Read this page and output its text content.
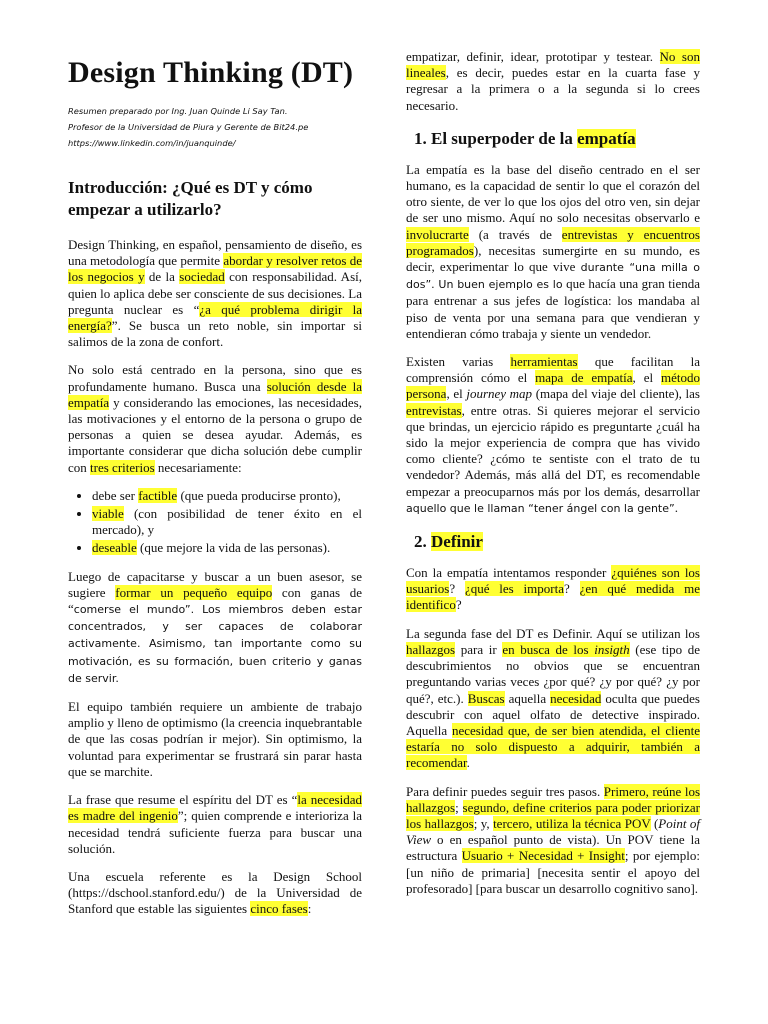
Design Thinking (DT)
Resumen preparado por Ing. Juan Quinde Li Say Tan.
Profesor de la Universidad de Piura y Gerente de Bit24.pe
https://www.linkedin.com/in/juanquinde/
Introducción: ¿Qué es DT y cómo empezar a utilizarlo?

Design Thinking, en español, pensamiento de diseño, es una metodología que permite abordar y resolver retos de los negocios y de la sociedad con responsabilidad. Así, quien lo aplica debe ser consciente de sus decisiones. La pregunta nuclear es “¿a qué problema dirigir la energía?”. Se busca un reto noble, sin importar si salimos de la zona de confort.

No solo está centrado en la persona, sino que es profundamente humano. Busca una solución desde la empatía y considerando las emociones, las necesidades, las motivaciones y el entorno de la persona o grupo de personas a quien se desea ayudar. Además, es importante considerar que dicha solución debe cumplir con tres criterios necesariamente:

• debe ser factible (que pueda producirse pronto),
• viable (con posibilidad de tener éxito en el mercado), y
• deseable (que mejore la vida de las personas).

Luego de capacitarse y buscar a un buen asesor, se sugiere formar un pequeño equipo con ganas de “comerse el mundo”. Los miembros deben estar concentrados, y ser capaces de colaborar activamente. Asimismo, tan importante como su motivación, es su formación, buen criterio y ganas de servir.

El equipo también requiere un ambiente de trabajo amplio y lleno de optimismo (la creencia inquebrantable de que las cosas podrían ir mejor). Sin optimismo, la voluntad para experimentar se frustrará sin parar hasta que se marchite.

La frase que resume el espíritu del DT es “la necesidad es madre del ingenio”; quien comprende e interioriza la necesidad tendrá suficiente fuerza para buscar una solución.

Una escuela referente es la Design School (https://dschool.stanford.edu/) de la Universidad de Stanford que estable las siguientes cinco fases:

empatizar, definir, idear, prototipar y testear. No son lineales, es decir, puedes estar en la cuarta fase y regresar a la primera o a la segunda si lo crees necesario.

1. El superpoder de la empatía

La empatía es la base del diseño centrado en el ser humano, es la capacidad de sentir lo que el corazón del otro siente, de ver lo que los ojos del otro ven, sin dejar de ser uno mismo. Aquí no solo necesitas observarlo e involucrarte (a través de entrevistas y encuentros programados), necesitas sumergirte en su mundo, es decir, experimentar lo que vive durante “una milla o dos”. Un buen ejemplo es lo que hacía una gran tienda para entrenar a sus jefes de logística: los mandaba al piso de venta por una semana para que vendieran y entendieran cómo trabaja y siente un vendedor.

Existen varias herramientas que facilitan la comprensión cómo el mapa de empatía, el método persona, el journey map (mapa del viaje del cliente), las entrevistas, entre otras. Si quieres mejorar el servicio que brindas, un ejercicio rápido es preguntarte ¿cuál ha sido la mejor experiencia de compra que has vivido como cliente? ¿cómo te sentiste con el trato de tu vendedor? Además, más allá del DT, es recomendable empezar a preocuparnos más por los demás, desarrollar aquello que le llaman “tener ángel con la gente”.

2. Definir

Con la empatía intentamos responder ¿quiénes son los usuarios? ¿qué les importa? ¿en qué medida me identifico?

La segunda fase del DT es Definir. Aquí se utilizan los hallazgos para ir en busca de los insigth (ese tipo de descubrimientos no obvios que se encuentran preguntando varias veces ¿por qué? ¿y por qué? ¿y por qué?, etc.). Buscas aquella necesidad oculta que puedes descubrir con aquel olfato de detective inspirado. Aquella necesidad que, de ser bien atendida, el cliente estaría no solo dispuesto a adquirir, también a recomendar.

Para definir puedes seguir tres pasos. Primero, reúne los hallazgos; segundo, define criterios para poder priorizar los hallazgos; y, tercero, utiliza la técnica POV (Point of View o en español punto de vista). Un POV tiene la estructura Usuario + Necesidad + Insight; por ejemplo: [un niño de primaria] [necesita sentir el apoyo del profesorado] [para buscar un desarrollo cognitivo sano].
